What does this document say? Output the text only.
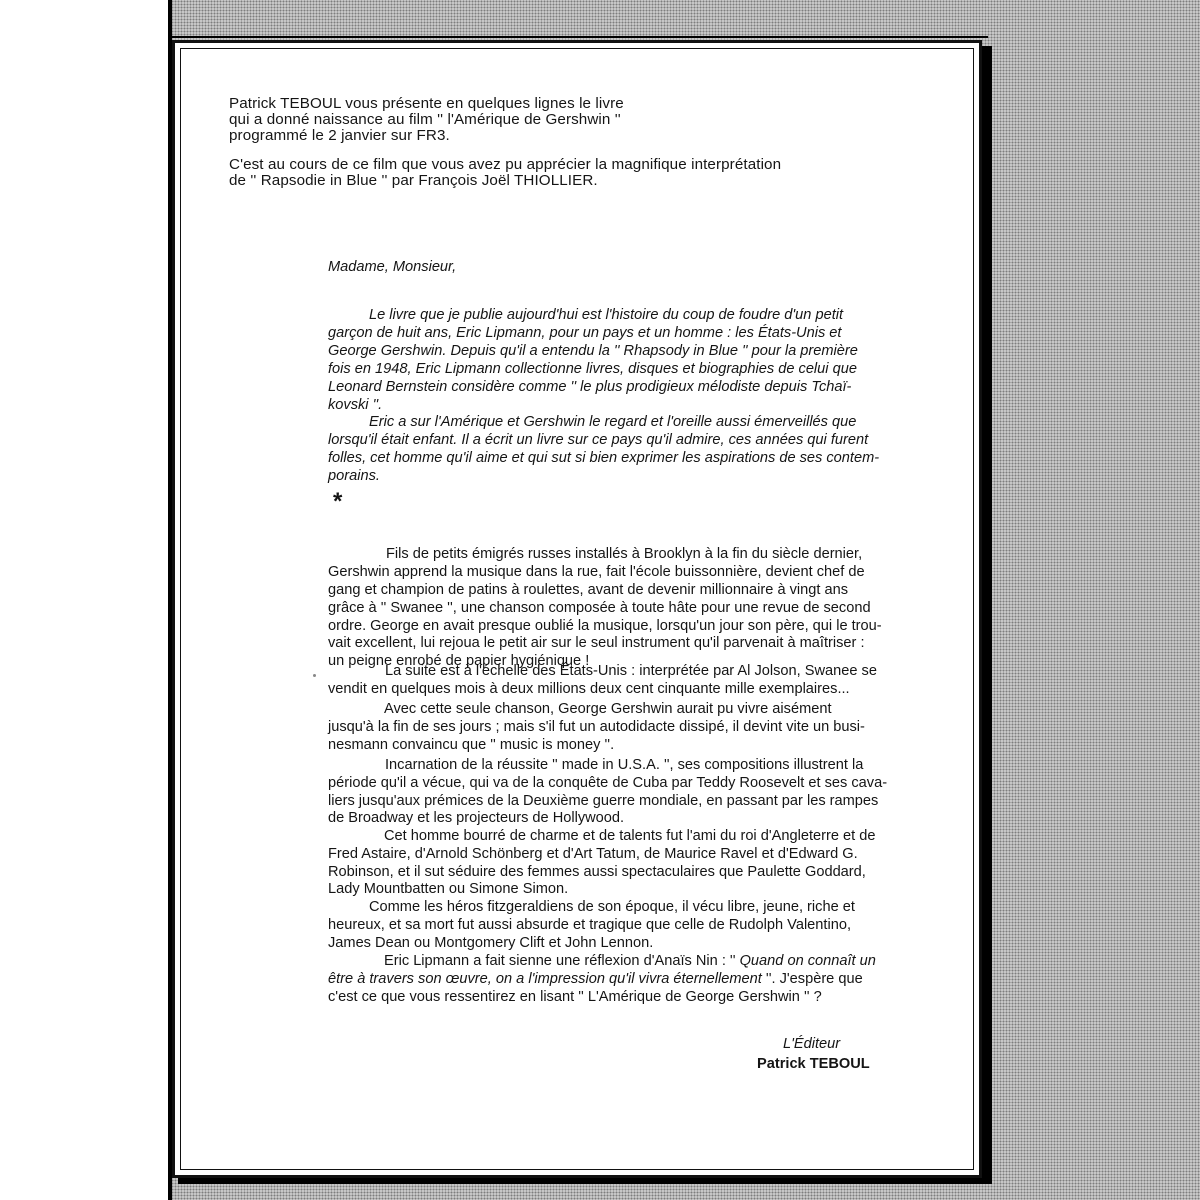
Patrick TEBOUL vous présente en quelques lignes le livre
qui a donné naissance au film '' l'Amérique de Gershwin ''
programmé le 2 janvier sur FR3.
C'est au cours de ce film que vous avez pu apprécier la magnifique interprétation
de '' Rapsodie in Blue '' par François Joël THIOLLIER.
Madame, Monsieur,
Le livre que je publie aujourd'hui est l'histoire du coup de foudre d'un petit
garçon de huit ans, Eric Lipmann, pour un pays et un homme : les États-Unis et
George Gershwin. Depuis qu'il a entendu la '' Rhapsody in Blue '' pour la première
fois en 1948, Eric Lipmann collectionne livres, disques et biographies de celui que
Leonard Bernstein considère comme '' le plus prodigieux mélodiste depuis Tchaï-
kovski ''.
Eric a sur l'Amérique et Gershwin le regard et l'oreille aussi émerveillés que
lorsqu'il était enfant. Il a écrit un livre sur ce pays qu'il admire, ces années qui furent
folles, cet homme qu'il aime et qui sut si bien exprimer les aspirations de ses contem-
porains.
*
Fils de petits émigrés russes installés à Brooklyn à la fin du siècle dernier,
Gershwin apprend la musique dans la rue, fait l'école buissonnière, devient chef de
gang et champion de patins à roulettes, avant de devenir millionnaire à vingt ans
grâce à '' Swanee '', une chanson composée à toute hâte pour une revue de second
ordre. George en avait presque oublié la musique, lorsqu'un jour son père, qui le trou-
vait excellent, lui rejoua le petit air sur le seul instrument qu'il parvenait à maîtriser :
un peigne enrobé de papier hygiénique !
La suite est à l'échelle des États-Unis : interprétée par Al Jolson, Swanee se
vendit en quelques mois à deux millions deux cent cinquante mille exemplaires...
Avec cette seule chanson, George Gershwin aurait pu vivre aisément
jusqu'à la fin de ses jours ; mais s'il fut un autodidacte dissipé, il devint vite un busi-
nesmann convaincu que '' music is money ''.
Incarnation de la réussite '' made in U.S.A. '', ses compositions illustrent la
période qu'il a vécue, qui va de la conquête de Cuba par Teddy Roosevelt et ses cava-
liers jusqu'aux prémices de la Deuxième guerre mondiale, en passant par les rampes
de Broadway et les projecteurs de Hollywood.
Cet homme bourré de charme et de talents fut l'ami du roi d'Angleterre et de
Fred Astaire, d'Arnold Schönberg et d'Art Tatum, de Maurice Ravel et d'Edward G.
Robinson, et il sut séduire des femmes aussi spectaculaires que Paulette Goddard,
Lady Mountbatten ou Simone Simon.
Comme les héros fitzgeraldiens de son époque, il vécu libre, jeune, riche et
heureux, et sa mort fut aussi absurde et tragique que celle de Rudolph Valentino,
James Dean ou Montgomery Clift et John Lennon.
Eric Lipmann a fait sienne une réflexion d'Anaïs Nin : '' Quand on connaît un
être à travers son œuvre, on a l'impression qu'il vivra éternellement ''. J'espère que
c'est ce que vous ressentirez en lisant '' L'Amérique de George Gershwin '' ?
L'Éditeur
Patrick TEBOUL
